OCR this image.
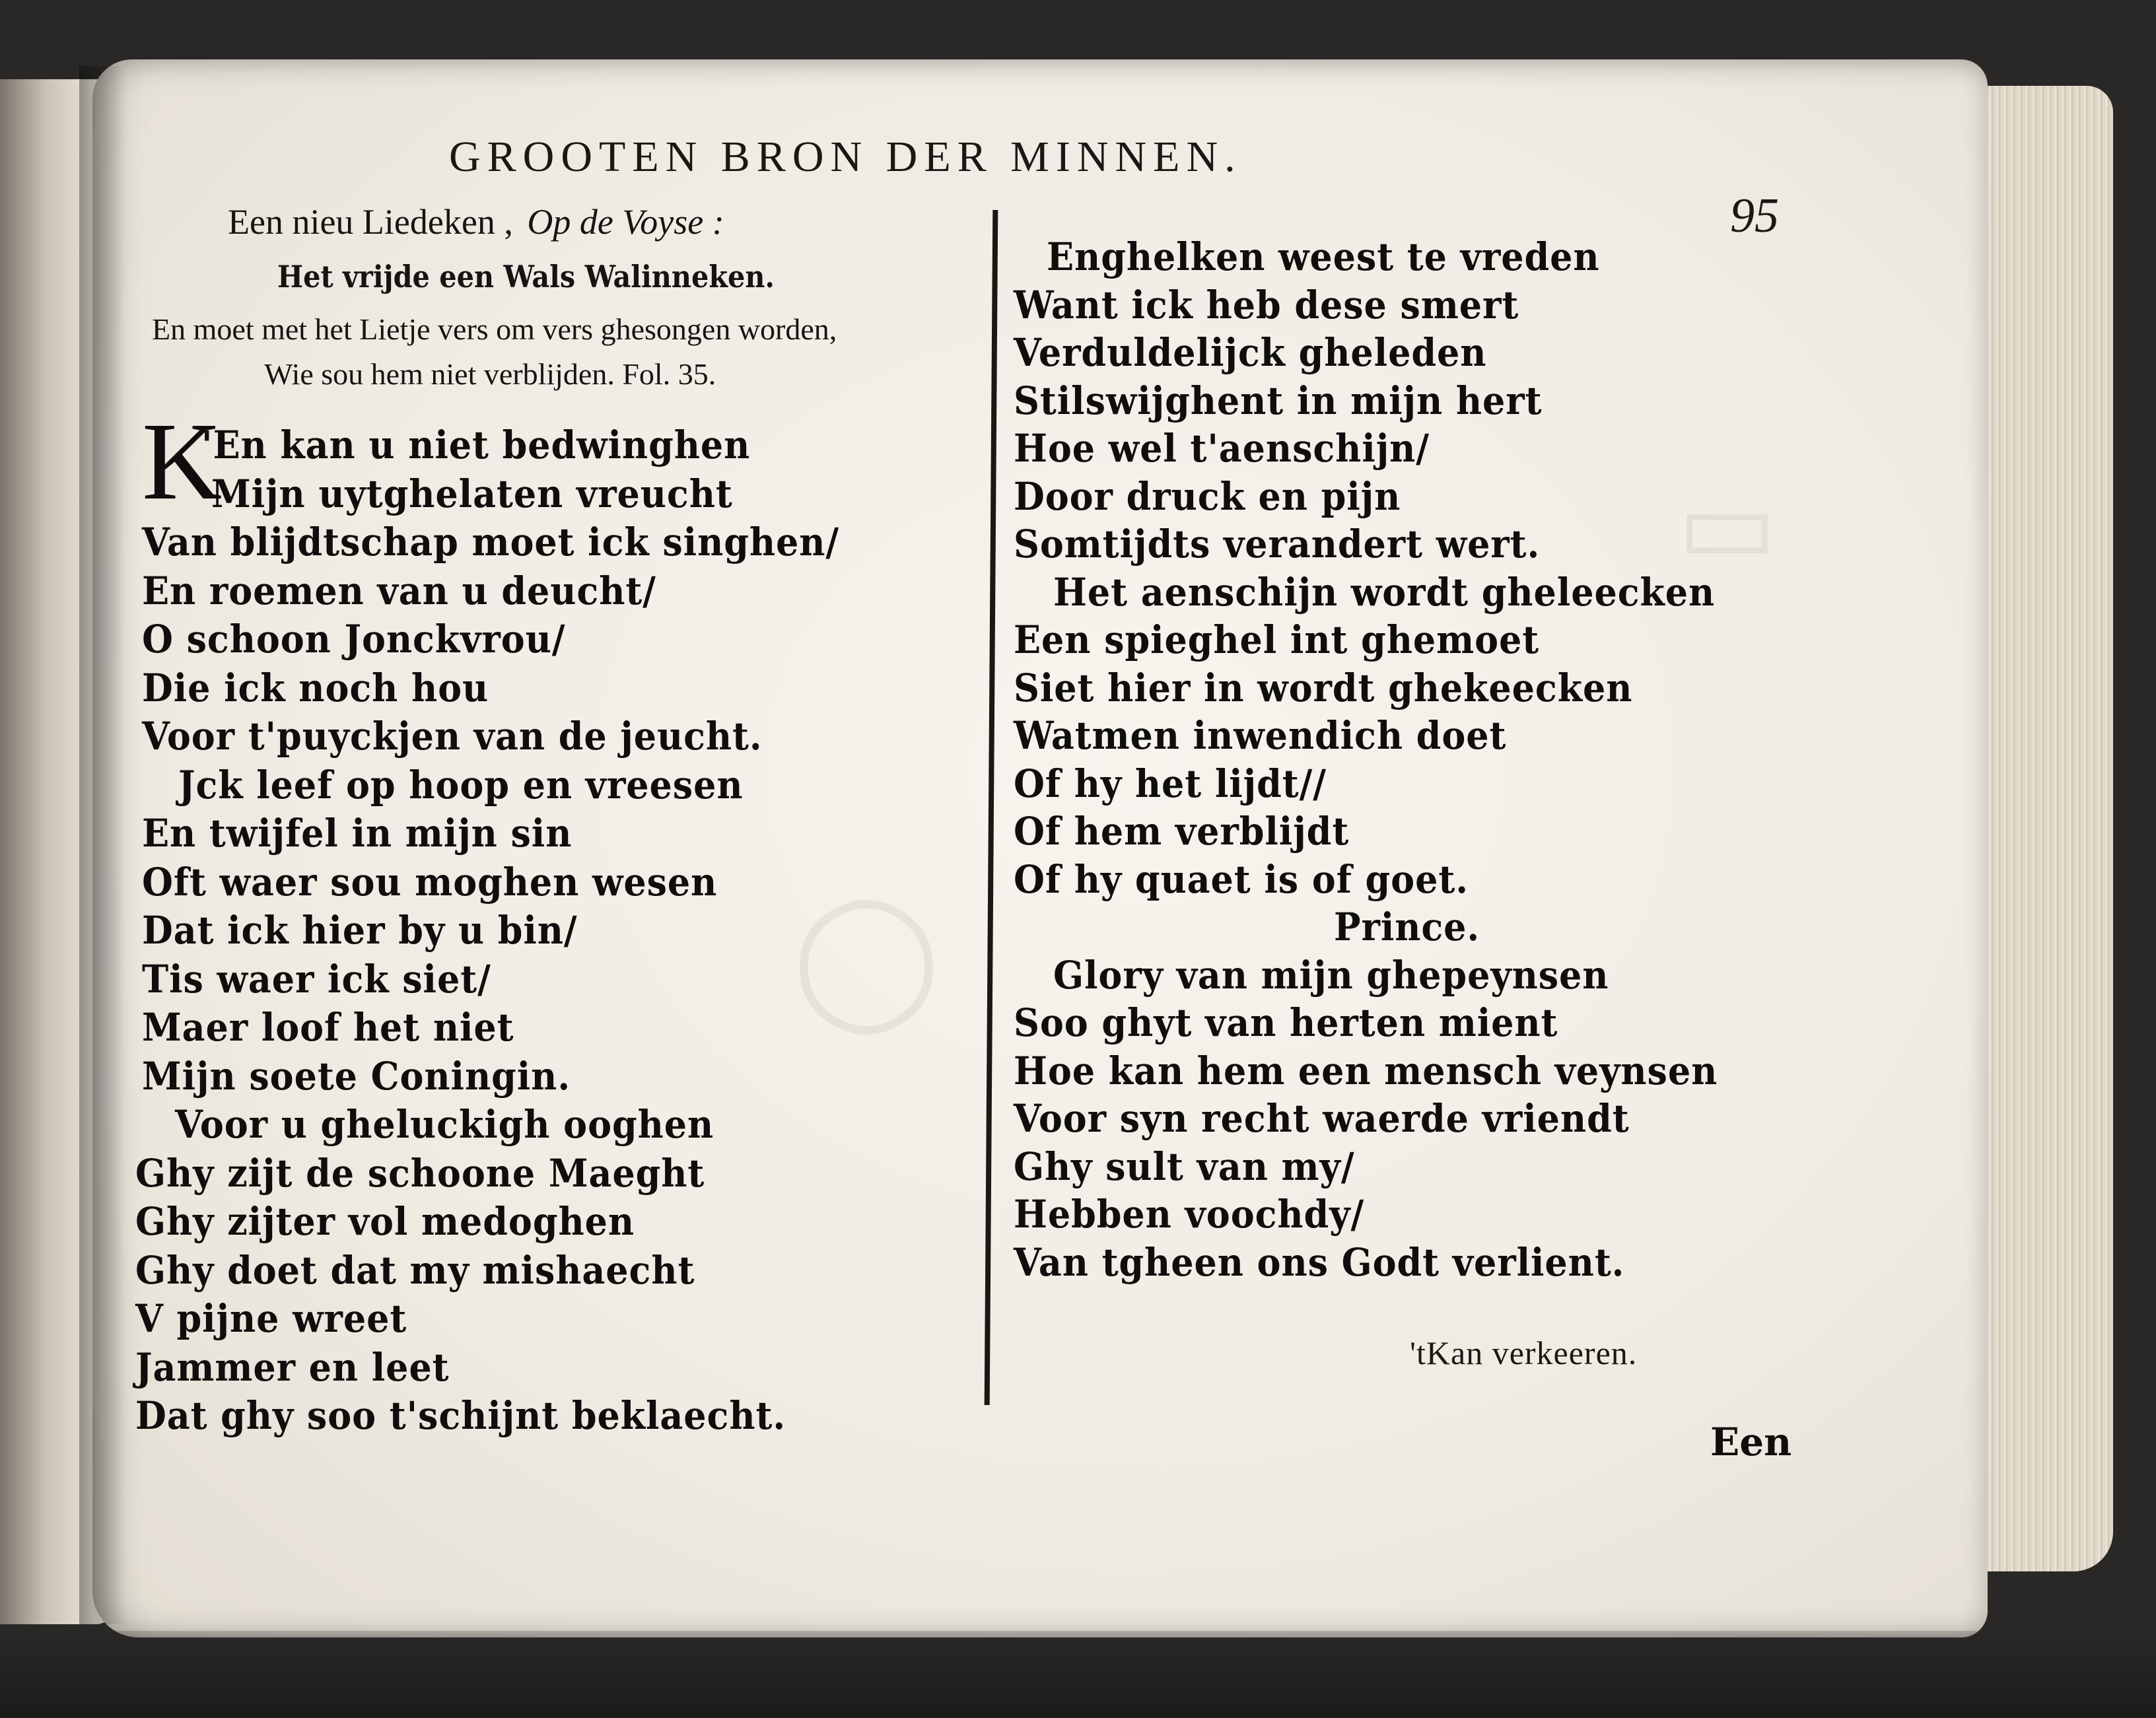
◯
▭
GROOTEN BRON DER MINNEN.
95
Een nieu Liedeken , Op de Voyse :
Het vrijde een Wals Walinneken.
En moet met het Lietje vers om vers ghesongen worden,
Wie sou hem niet verblijden. Fol. 35.
K
'En kan u niet bedwinghen
Mijn uytghelaten vreucht
Van blijdtschap moet ick singhen/
En roemen van u deucht/
O schoon Jonckvrou/
Die ick noch hou
Voor t'puyckjen van de jeucht.
Jck leef op hoop en vreesen
En twijfel in mijn sin
Oft waer sou moghen wesen
Dat ick hier by u bin/
Tis waer ick siet/
Maer loof het niet
Mijn soete Coningin.
Voor u gheluckigh ooghen
Ghy zijt de schoone Maeght
Ghy zijter vol medoghen
Ghy doet dat my mishaecht
V pijne wreet
Jammer en leet
Dat ghy soo t'schijnt beklaecht.
Enghelken weest te vreden
Want ick heb dese smert
Verduldelijck gheleden
Stilswijghent in mijn hert
Hoe wel t'aenschijn/
Door druck en pijn
Somtijdts verandert wert.
Het aenschijn wordt gheleecken
Een spieghel int ghemoet
Siet hier in wordt ghekeecken
Watmen inwendich doet
Of hy het lijdt//
Of hem verblijdt
Of hy quaet is of goet.
Prince.
Glory van mijn ghepeynsen
Soo ghyt van herten mient
Hoe kan hem een mensch veynsen
Voor syn recht waerde vriendt
Ghy sult van my/
Hebben voochdy/
Van tgheen ons Godt verlient.
'tKan verkeeren.
Een
